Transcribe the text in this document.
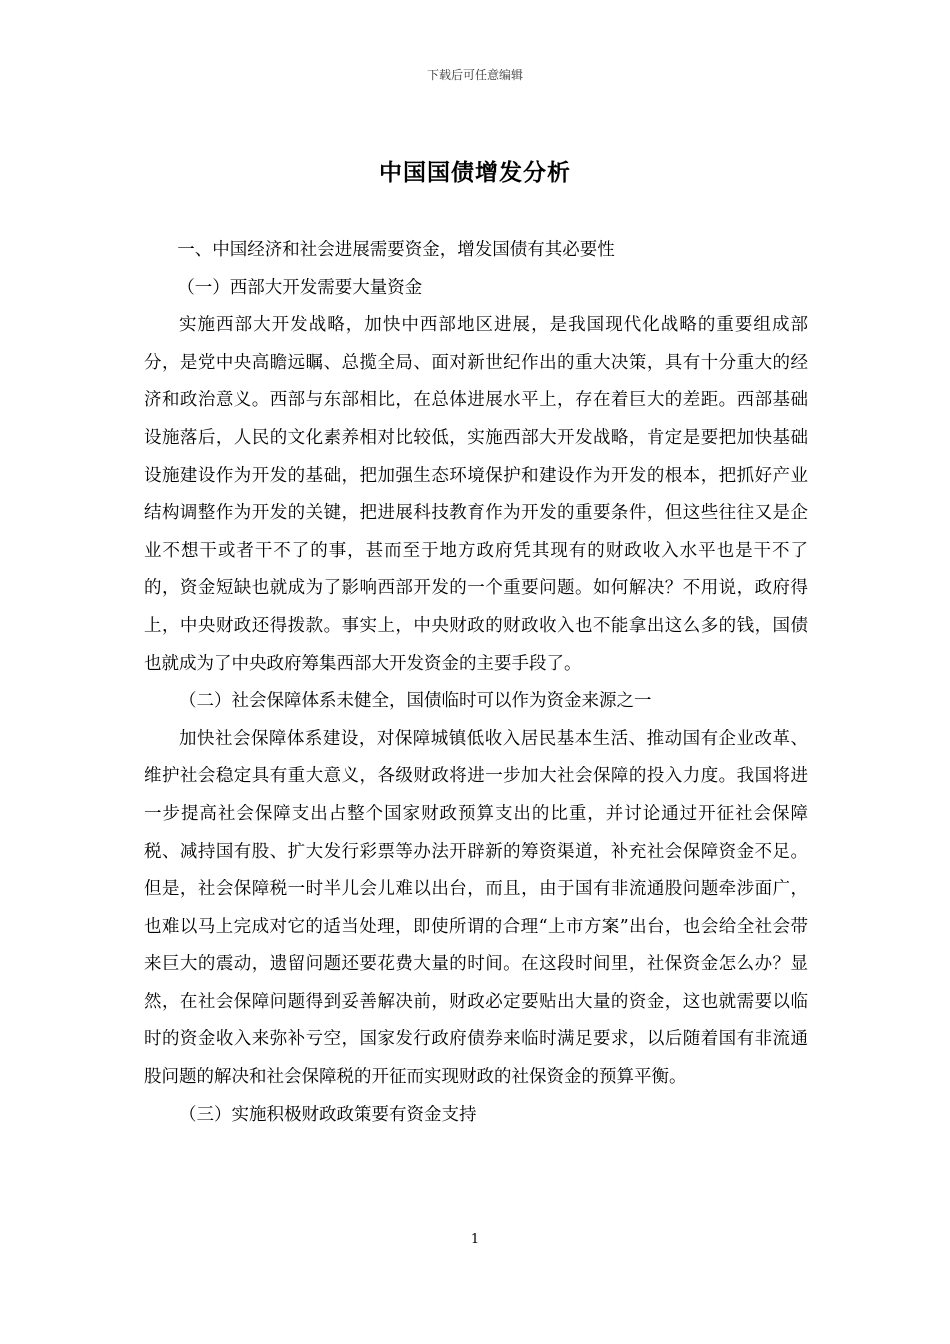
下载后可任意编辑
中国国债增发分析

一、中国经济和社会进展需要资金，增发国债有其必要性

（一）西部大开发需要大量资金

实施西部大开发战略，加快中西部地区进展，是我国现代化战略的重要组成部分，是党中央高瞻远瞩、总揽全局、面对新世纪作出的重大决策，具有十分重大的经济和政治意义。西部与东部相比，在总体进展水平上，存在着巨大的差距。西部基础设施落后，人民的文化素养相对比较低，实施西部大开发战略，肯定是要把加快基础设施建设作为开发的基础，把加强生态环境保护和建设作为开发的根本，把抓好产业结构调整作为开发的关键，把进展科技教育作为开发的重要条件，但这些往往又是企业不想干或者干不了的事，甚而至于地方政府凭其现有的财政收入水平也是干不了的，资金短缺也就成为了影响西部开发的一个重要问题。如何解决？不用说，政府得上，中央财政还得拨款。事实上，中央财政的财政收入也不能拿出这么多的钱，国债也就成为了中央政府筹集西部大开发资金的主要手段了。

（二）社会保障体系未健全，国债临时可以作为资金来源之一

加快社会保障体系建设，对保障城镇低收入居民基本生活、推动国有企业改革、维护社会稳定具有重大意义，各级财政将进一步加大社会保障的投入力度。我国将进一步提高社会保障支出占整个国家财政预算支出的比重，并讨论通过开征社会保障税、减持国有股、扩大发行彩票等办法开辟新的筹资渠道，补充社会保障资金不足。但是，社会保障税一时半儿会儿难以出台，而且，由于国有非流通股问题牵涉面广，也难以马上完成对它的适当处理，即使所谓的合理“上市方案”出台，也会给全社会带来巨大的震动，遗留问题还要花费大量的时间。在这段时间里，社保资金怎么办？显然，在社会保障问题得到妥善解决前，财政必定要贴出大量的资金，这也就需要以临时的资金收入来弥补亏空，国家发行政府债券来临时满足要求，以后随着国有非流通股问题的解决和社会保障税的开征而实现财政的社保资金的预算平衡。

（三）实施积极财政政策要有资金支持

1
